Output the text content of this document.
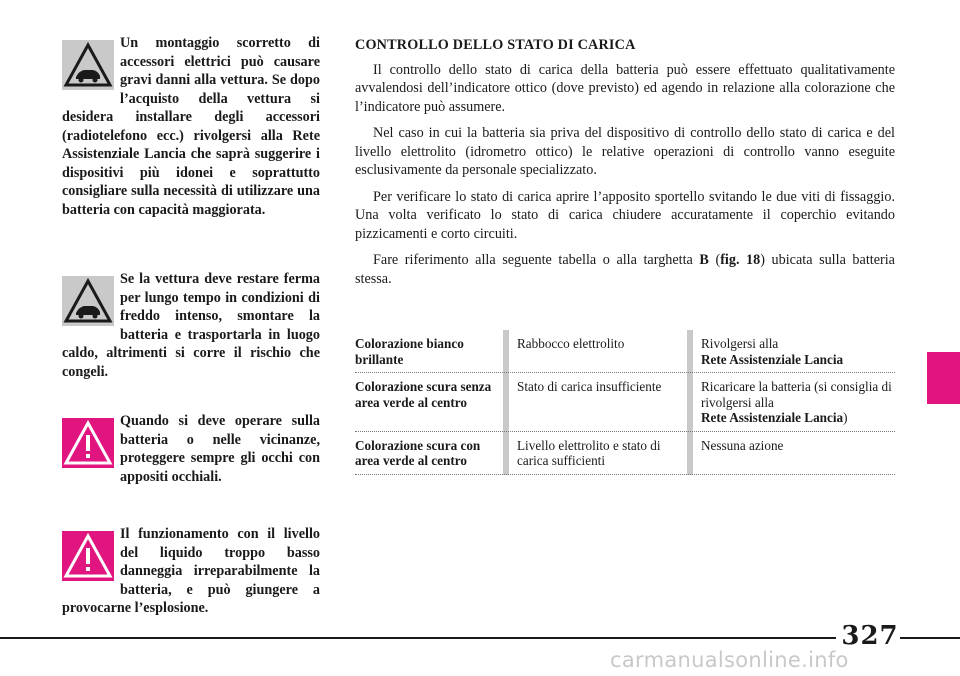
Un montaggio scorretto di accessori elettrici può causare gravi danni alla vettura. Se dopo l’acquisto della vettura si desidera installare degli accessori (radiotelefono ecc.) rivolgersi alla Rete Assistenziale Lancia che saprà suggerire i dispositivi più idonei e soprattutto consigliare sulla necessità di utilizzare una batteria con capacità maggiorata.

Se la vettura deve restare ferma per lungo tempo in condizioni di freddo intenso, smontare la batteria e trasportarla in luogo caldo, altrimenti si corre il rischio che congeli.

Quando si deve operare sulla batteria o nelle vicinanze, proteggere sempre gli occhi con appositi occhiali.

Il funzionamento con il livello del liquido troppo basso danneggia irreparabilmente la batteria, e può giungere a provocarne l’esplosione.

CONTROLLO DELLO STATO DI CARICA

Il controllo dello stato di carica della batteria può essere effettuato qualitativamente avvalendosi dell’indicatore ottico (dove previsto) ed agendo in relazione alla colorazione che l’indicatore può assumere.

Nel caso in cui la batteria sia priva del dispositivo di controllo dello stato di carica e del livello elettrolito (idrometro ottico) le relative operazioni di controllo vanno eseguite esclusivamente da personale specializzato.

Per verificare lo stato di carica aprire l’apposito sportello svitando le due viti di fissaggio. Una volta verificato lo stato di carica chiudere accuratamente il coperchio evitando pizzicamenti e corto circuiti.

Fare riferimento alla seguente tabella o alla targhetta B (fig. 18) ubicata sulla batteria stessa.

Colorazione bianco brillante
Rabbocco elettrolito	Rivolgersi alla
Rete Assistenziale Lancia
Colorazione scura senza area verde al centro
Stato di carica insufficiente	Ricaricare la batteria (si consiglia di rivolgersi alla
Rete Assistenziale Lancia)
Colorazione scura con area verde al centro
Livello elettrolito e stato di carica sufficienti
Nessuna azione
327
carmanualsonline.info
